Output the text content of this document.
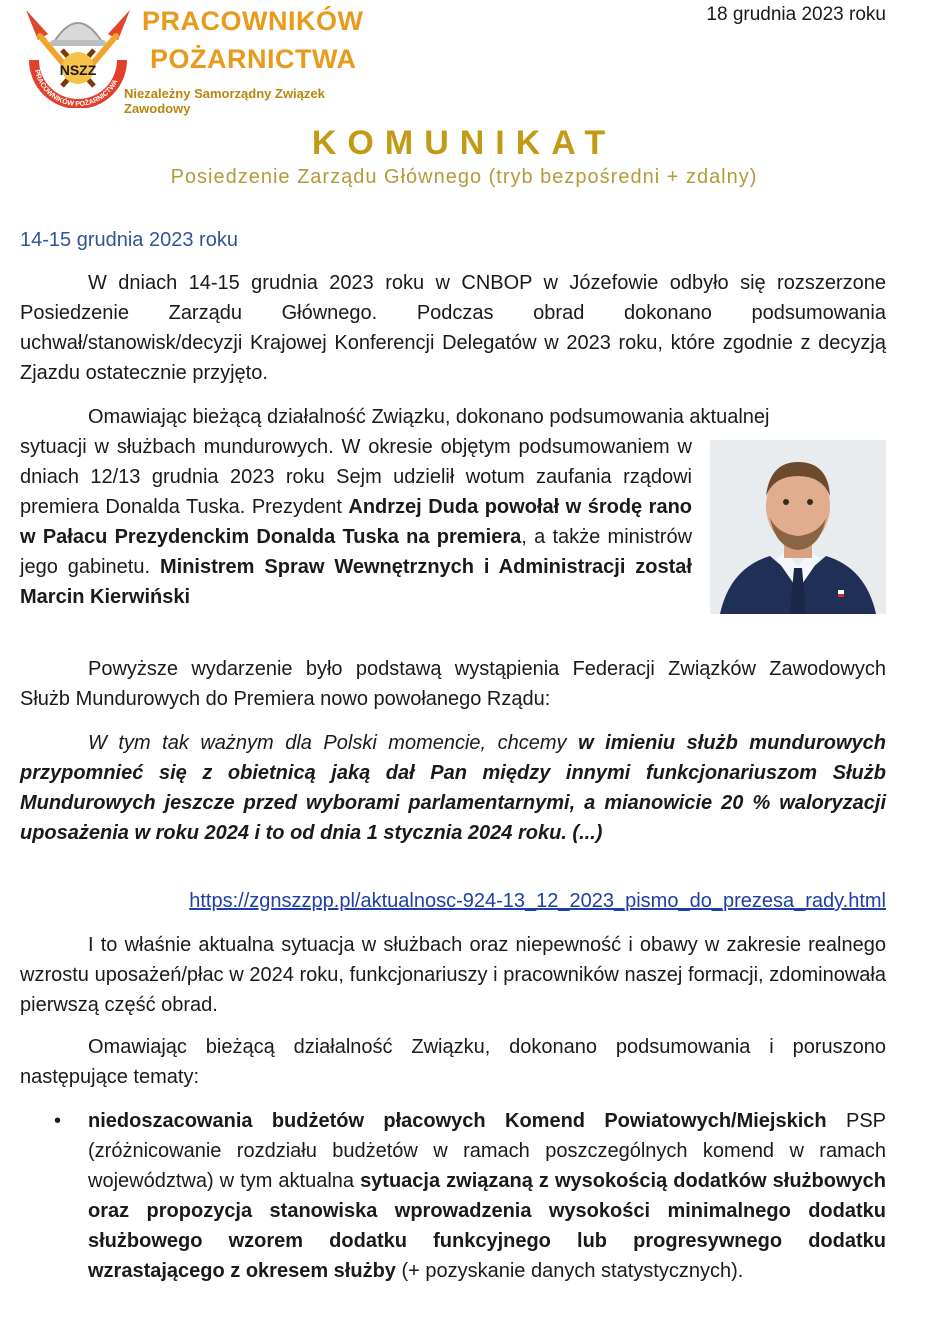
NSZZ
PRACOWNIKÓW POŻARNICTWA
PRACOWNIKÓW
POŻARNICTWA
Niezależny Samorządny Związek Zawodowy
18 grudnia 2023 roku
KOMUNIKAT
Posiedzenie Zarządu Głównego (tryb bezpośredni + zdalny)
14-15 grudnia 2023 roku

W dniach 14-15 grudnia 2023 roku w CNBOP w Józefowie odbyło się rozszerzone Posiedzenie Zarządu Głównego. Podczas obrad dokonano podsumowania uchwał/stanowisk/decyzji Krajowej Konferencji Delegatów w 2023 roku, które zgodnie z decyzją Zjazdu ostatecznie przyjęto.

Omawiając bieżącą działalność Związku, dokonano podsumowania aktualnej

sytuacji w służbach mundurowych. W okresie objętym podsumowaniem w dniach 12/13 grudnia 2023 roku Sejm udzielił wotum zaufania rządowi premiera Donalda Tuska. Prezydent Andrzej Duda powołał w środę rano w Pałacu Prezydenckim Donalda Tuska na premiera, a także ministrów jego gabinetu. Ministrem Spraw Wewnętrznych i Administracji został Marcin Kierwiński

Powyższe wydarzenie było podstawą wystąpienia Federacji Związków Zawodowych Służb Mundurowych do Premiera nowo powołanego Rządu:

W tym tak ważnym dla Polski momencie, chcemy w imieniu służb mundurowych przypomnieć się z obietnicą jaką dał Pan między innymi funkcjonariuszom Służb Mundurowych jeszcze przed wyborami parlamentarnymi, a mianowicie 20 % waloryzacji uposażenia w roku 2024 i to od dnia 1 stycznia 2024 roku. (...)

https://zgnszzpp.pl/aktualnosc-924-13_12_2023_pismo_do_prezesa_rady.html

I to właśnie aktualna sytuacja w służbach oraz niepewność i obawy w zakresie realnego wzrostu uposażeń/płac w 2024 roku, funkcjonariuszy i pracowników naszej formacji, zdominowała pierwszą część obrad.

Omawiając bieżącą działalność Związku, dokonano podsumowania i poruszono następujące tematy:

• niedoszacowania budżetów płacowych Komend Powiatowych/Miejskich PSP (zróżnicowanie rozdziału budżetów w ramach poszczególnych komend w ramach województwa) w tym aktualna sytuacja związaną z wysokością dodatków służbowych oraz propozycja stanowiska wprowadzenia wysokości minimalnego dodatku służbowego wzorem dodatku funkcyjnego lub progresywnego dodatku wzrastającego z okresem służby (+ pozyskanie danych statystycznych).
